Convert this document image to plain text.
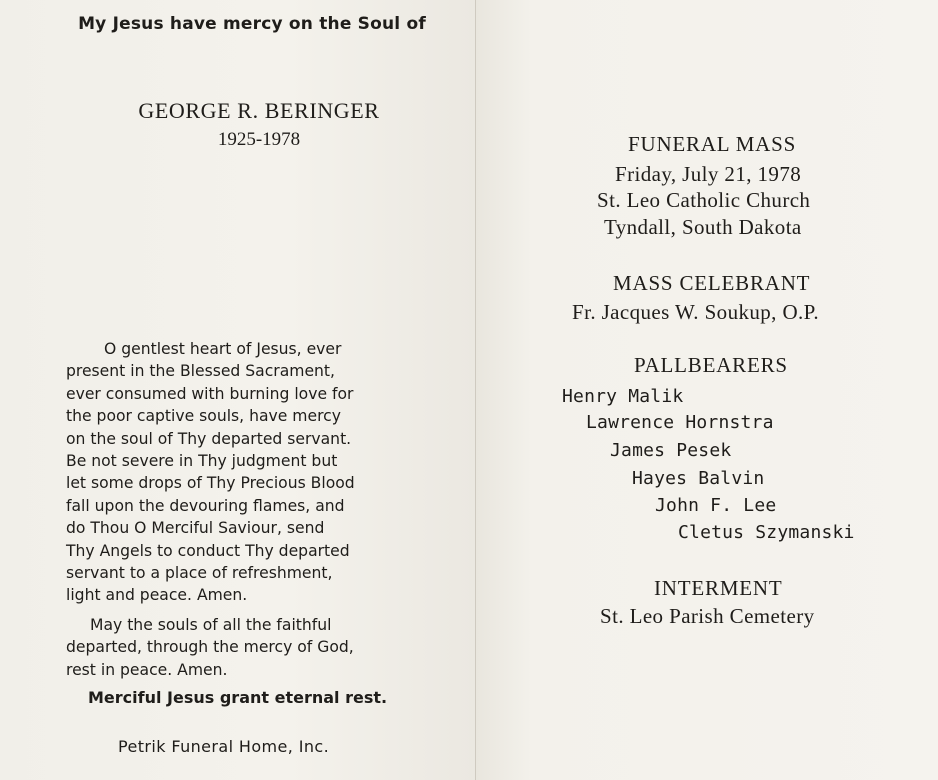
My Jesus have mercy on the Soul of
GEORGE R. BERINGER
1925-1978

O gentlest heart of Jesus, ever
present in the Blessed Sacrament,
ever consumed with burning love for
the poor captive souls, have mercy
on the soul of Thy departed servant.
Be not severe in Thy judgment but
let some drops of Thy Precious Blood
fall upon the devouring flames, and
do Thou O Merciful Saviour, send
Thy Angels to conduct Thy departed
servant to a place of refreshment,
light and peace. Amen.

May the souls of all the faithful
departed, through the mercy of God,
rest in peace. Amen.

Merciful Jesus grant eternal rest.
Petrik Funeral Home, Inc.
FUNERAL MASS
Friday, July 21, 1978
St. Leo Catholic Church
Tyndall, South Dakota
MASS CELEBRANT
Fr. Jacques W. Soukup, O.P.
PALLBEARERS
Henry Malik
Lawrence Hornstra
James Pesek
Hayes Balvin
John F. Lee
Cletus Szymanski
INTERMENT
St. Leo Parish Cemetery
